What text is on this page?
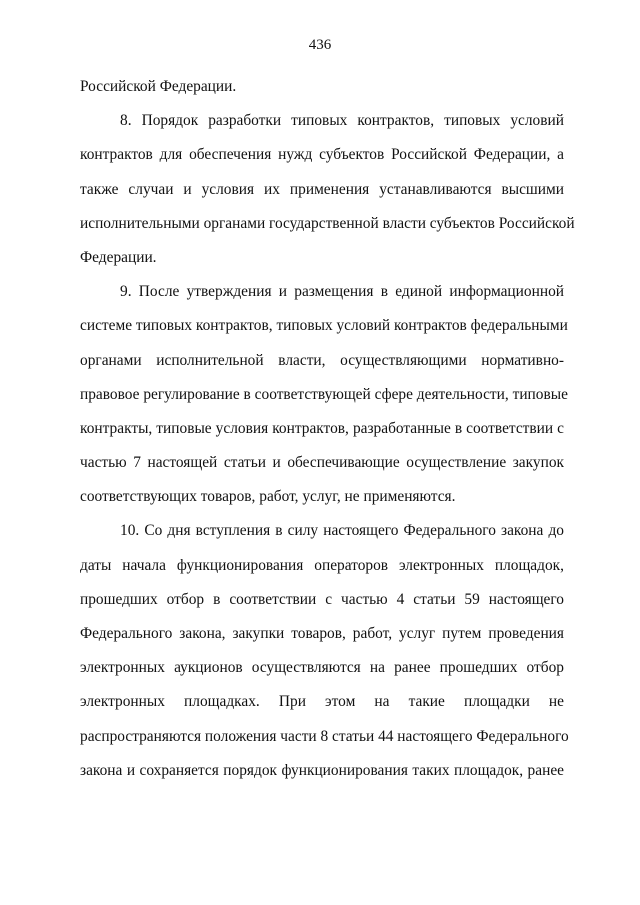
436
Российской Федерации.
8. Порядок разработки типовых контрактов, типовых условий
контрактов для обеспечения нужд субъектов Российской Федерации, а
также случаи и условия их применения устанавливаются высшими
исполнительными органами государственной власти субъектов Российской
Федерации.
9. После утверждения и размещения в единой информационной
системе типовых контрактов, типовых условий контрактов федеральными
органами исполнительной власти, осуществляющими нормативно-
правовое регулирование в соответствующей сфере деятельности, типовые
контракты, типовые условия контрактов, разработанные в соответствии с
частью 7 настоящей статьи и обеспечивающие осуществление закупок
соответствующих товаров, работ, услуг, не применяются.
10. Со дня вступления в силу настоящего Федерального закона до
даты начала функционирования операторов электронных площадок,
прошедших отбор в соответствии с частью 4 статьи 59 настоящего
Федерального закона, закупки товаров, работ, услуг путем проведения
электронных аукционов осуществляются на ранее прошедших отбор
электронных площадках. При этом на такие площадки не
распространяются положения части 8 статьи 44 настоящего Федерального
закона и сохраняется порядок функционирования таких площадок, ранее
